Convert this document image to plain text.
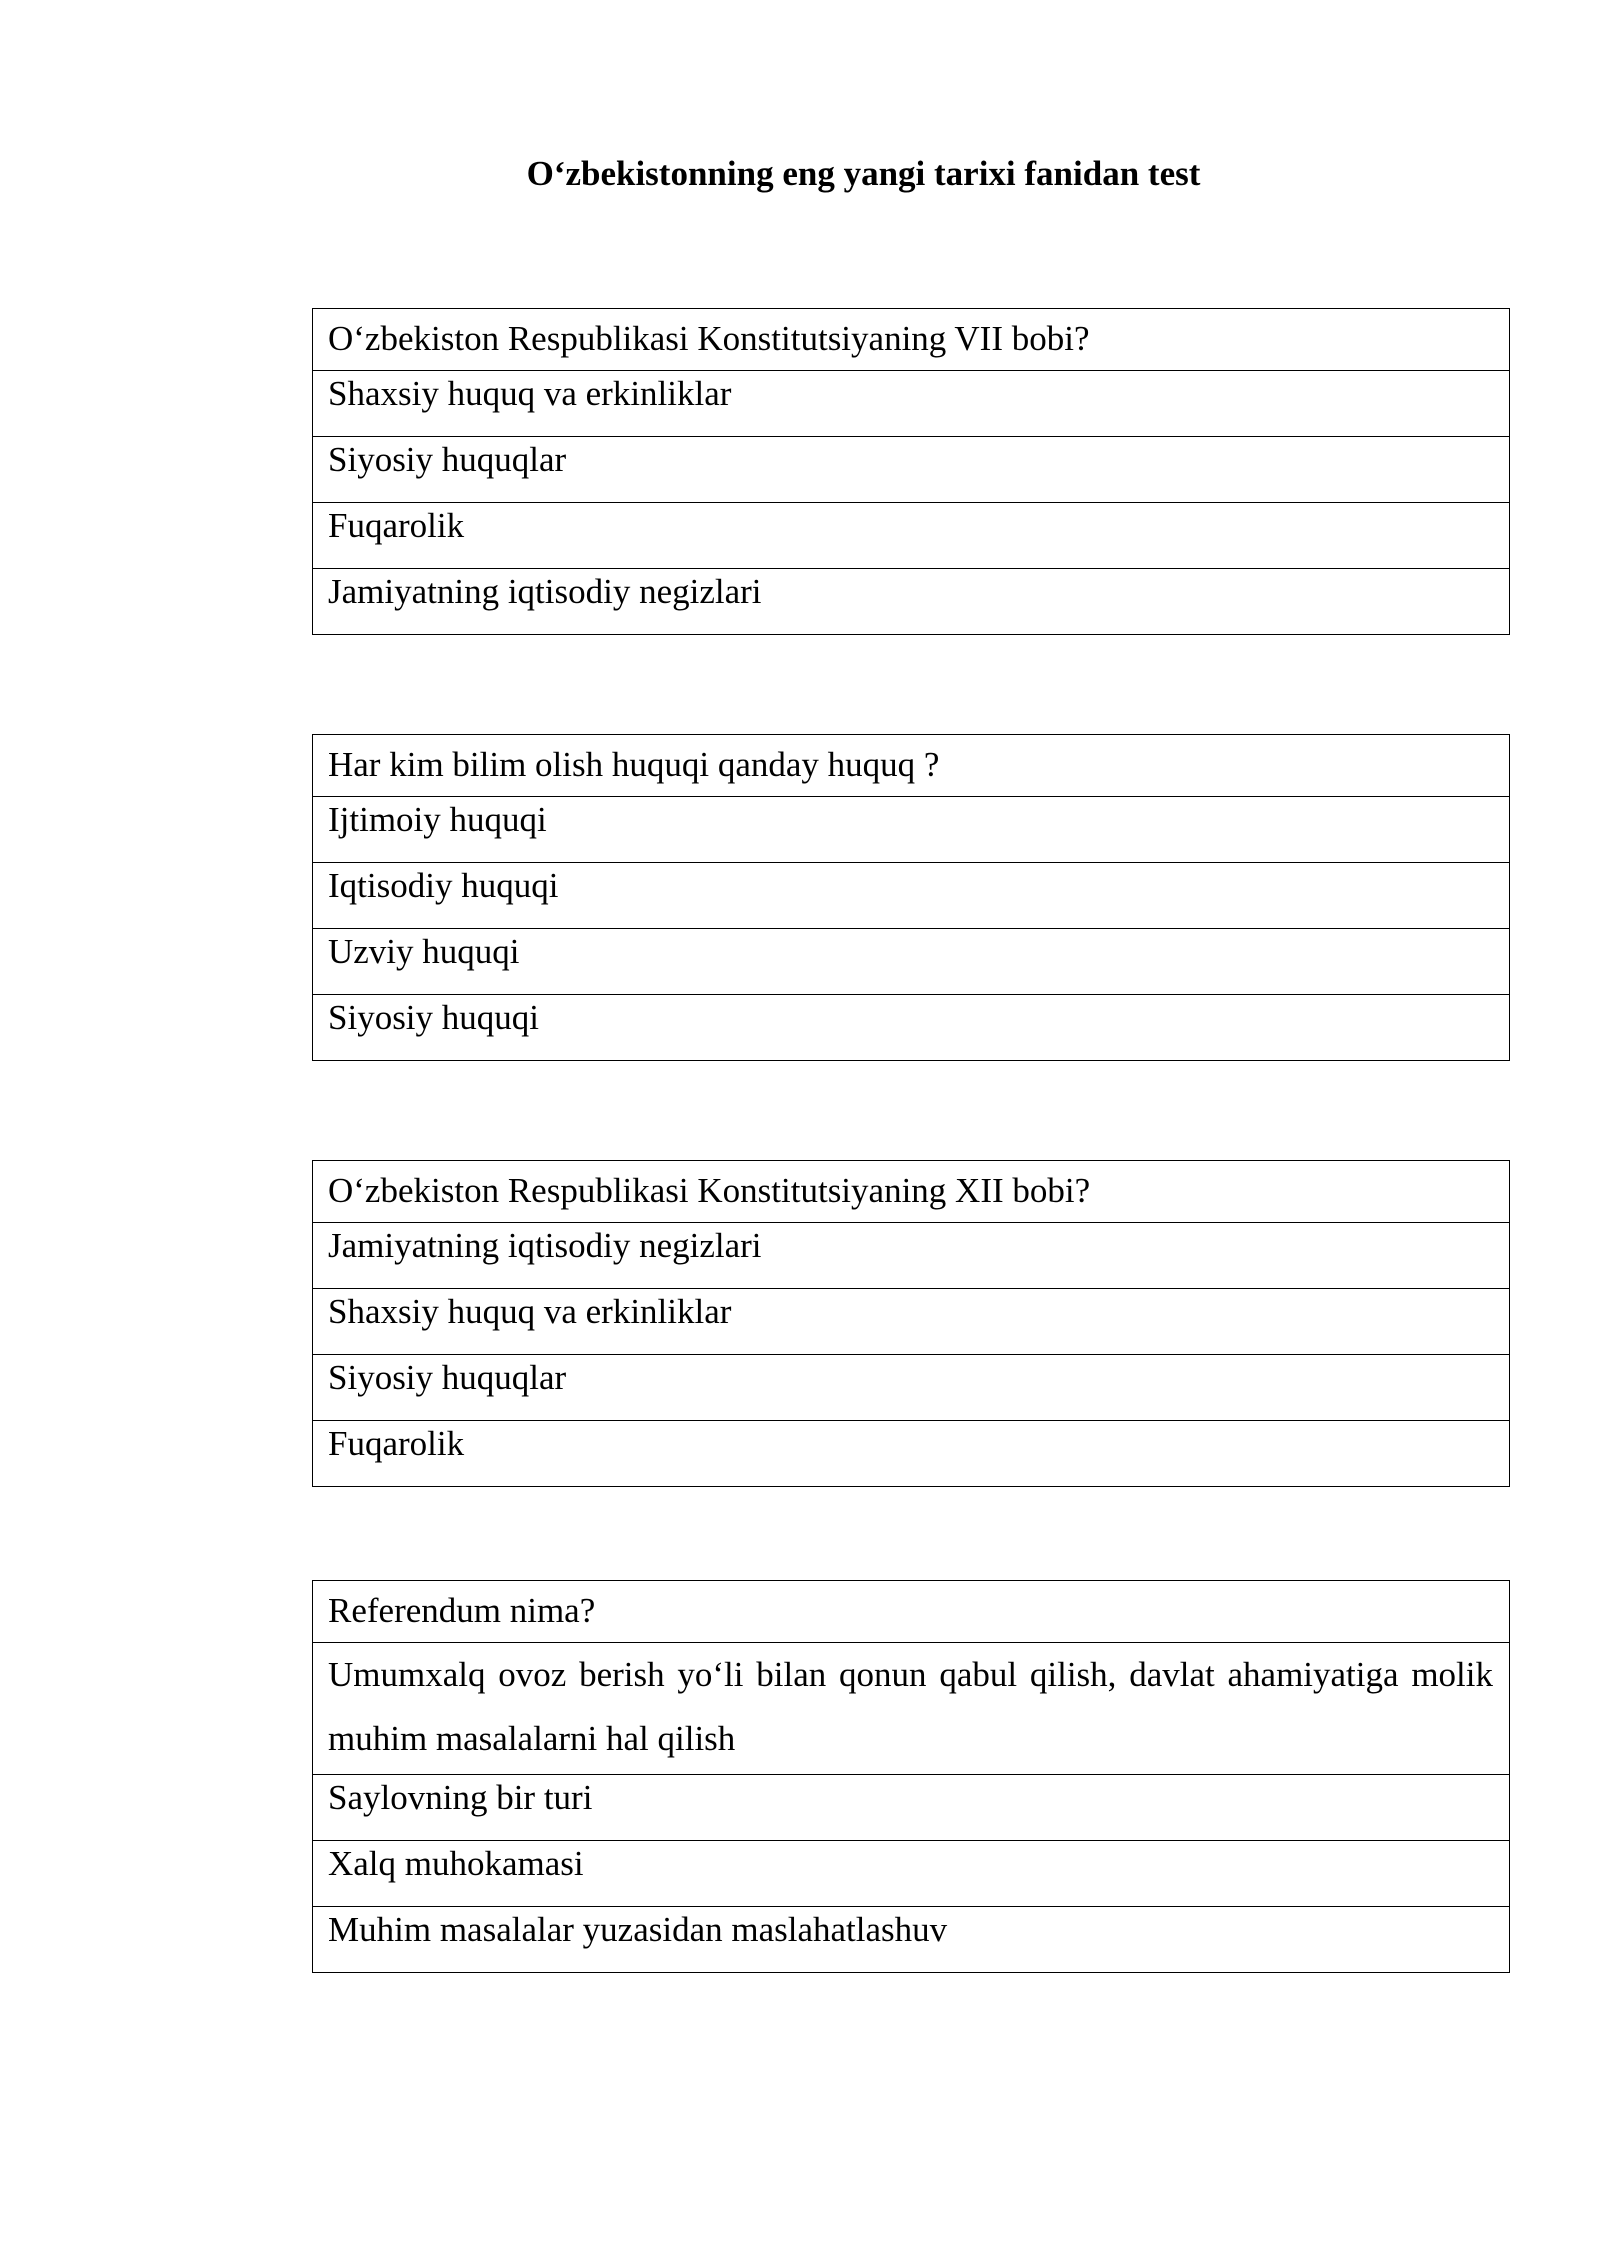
O‘zbekistonning eng yangi tarixi fanidan test
O‘zbekiston Respublikasi Konstitutsiyaning VII bobi?
Shaxsiy huquq va erkinliklar
Siyosiy huquqlar
Fuqarolik
Jamiyatning iqtisodiy negizlari
Har kim bilim olish huquqi qanday huquq ?
Ijtimoiy huquqi
Iqtisodiy huquqi
Uzviy huquqi
Siyosiy huquqi
O‘zbekiston Respublikasi Konstitutsiyaning XII bobi?
Jamiyatning iqtisodiy negizlari
Shaxsiy huquq va erkinliklar
Siyosiy huquqlar
Fuqarolik
Referendum nima?
Umumxalq ovoz berish yo‘li bilan qonun qabul qilish, davlat ahamiyatiga molik muhim masalalarni hal qilish
Saylovning bir turi
Xalq muhokamasi
Muhim masalalar yuzasidan maslahatlashuv
